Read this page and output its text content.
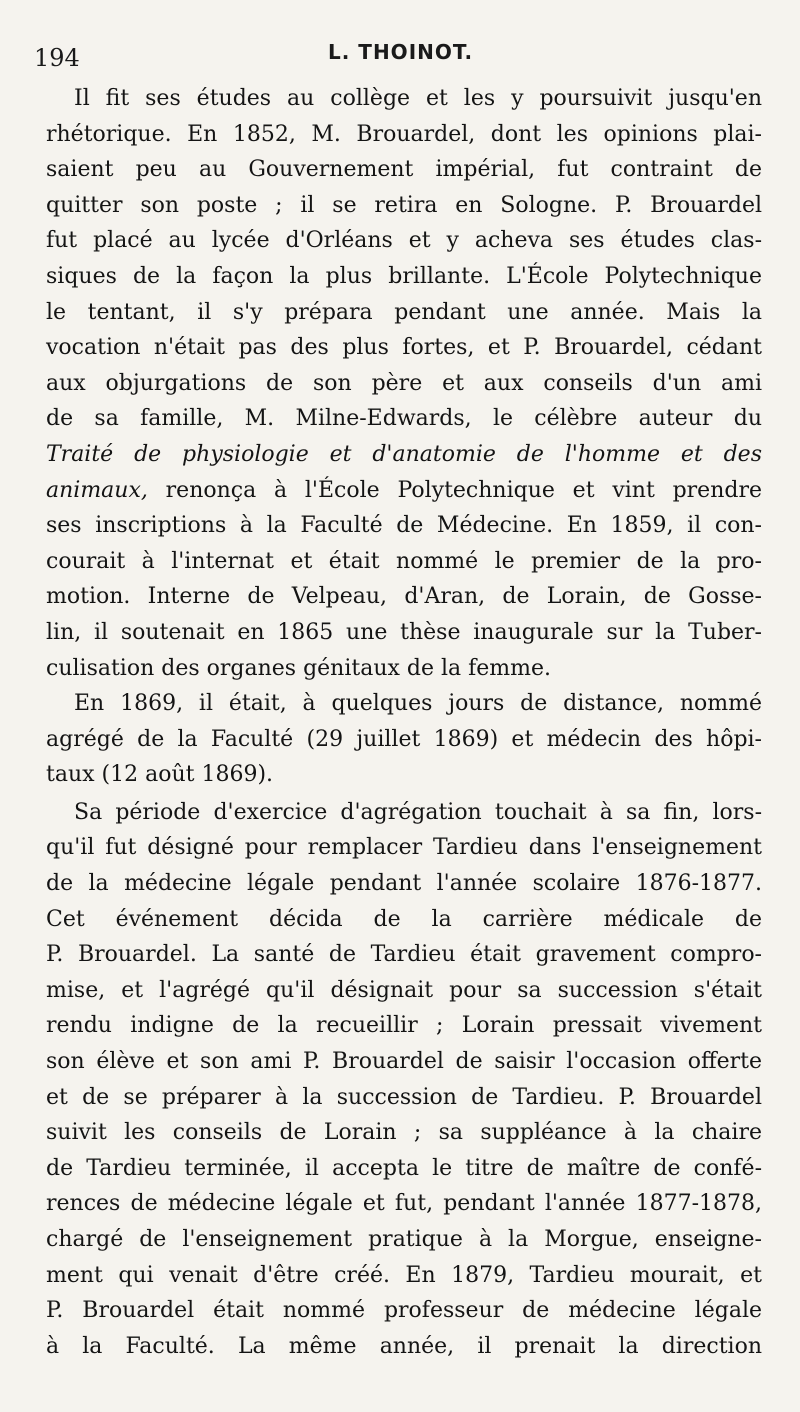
194	L. THOINOT.
Il fit ses études au collège et les y poursuivit jusqu'en
rhétorique. En 1852, M. Brouardel, dont les opinions plai-
saient peu au Gouvernement impérial, fut contraint de
quitter son poste ; il se retira en Sologne. P. Brouardel
fut placé au lycée d'Orléans et y acheva ses études clas-
siques de la façon la plus brillante. L'École Polytechnique
le tentant, il s'y prépara pendant une année. Mais la
vocation n'était pas des plus fortes, et P. Brouardel, cédant
aux objurgations de son père et aux conseils d'un ami
de sa famille, M. Milne-Edwards, le célèbre auteur du
Traité de physiologie et d'anatomie de l'homme et des
animaux, renonça à l'École Polytechnique et vint prendre
ses inscriptions à la Faculté de Médecine. En 1859, il con-
courait à l'internat et était nommé le premier de la pro-
motion. Interne de Velpeau, d'Aran, de Lorain, de Gosse-
lin, il soutenait en 1865 une thèse inaugurale sur la Tuber-
culisation des organes génitaux de la femme.
En 1869, il était, à quelques jours de distance, nommé
agrégé de la Faculté (29 juillet 1869) et médecin des hôpi-
taux (12 août 1869).
Sa période d'exercice d'agrégation touchait à sa fin, lors-
qu'il fut désigné pour remplacer Tardieu dans l'enseignement
de la médecine légale pendant l'année scolaire 1876-1877.
Cet événement décida de la carrière médicale de
P. Brouardel. La santé de Tardieu était gravement compro-
mise, et l'agrégé qu'il désignait pour sa succession s'était
rendu indigne de la recueillir ; Lorain pressait vivement
son élève et son ami P. Brouardel de saisir l'occasion offerte
et de se préparer à la succession de Tardieu. P. Brouardel
suivit les conseils de Lorain ; sa suppléance à la chaire
de Tardieu terminée, il accepta le titre de maître de confé-
rences de médecine légale et fut, pendant l'année 1877-1878,
chargé de l'enseignement pratique à la Morgue, enseigne-
ment qui venait d'être créé. En 1879, Tardieu mourait, et
P. Brouardel était nommé professeur de médecine légale
à la Faculté. La même année, il prenait la direction
